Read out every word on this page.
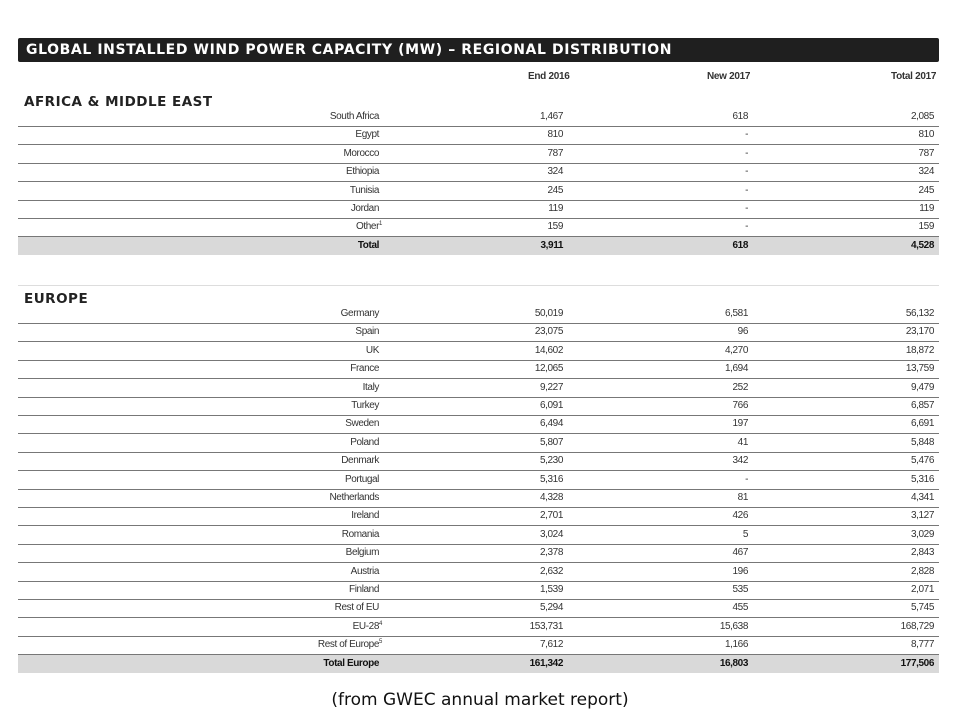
GLOBAL INSTALLED WIND POWER CAPACITY (MW) – REGIONAL DISTRIBUTION
End 2016	New 2017	Total 2017
AFRICA & MIDDLE EAST
South Africa	1,467	618	2,085
Egypt	810	-	810
Morocco	787	-	787
Ethiopia	324	-	324
Tunisia	245	-	245
Jordan	119	-	119
Other 1	159	-	159
Total	3,911	618	4,528
EUROPE
Germany	50,019	6,581	56,132
Spain	23,075	96	23,170
UK	14,602	4,270	18,872
France	12,065	1,694	13,759
Italy	9,227	252	9,479
Turkey	6,091	766	6,857
Sweden	6,494	197	6,691
Poland	5,807	41	5,848
Denmark	5,230	342	5,476
Portugal	5,316	-	5,316
Netherlands	4,328	81	4,341
Ireland	2,701	426	3,127
Romania	3,024	5	3,029
Belgium	2,378	467	2,843
Austria	2,632	196	2,828
Finland	1,539	535	2,071
Rest of EU	5,294	455	5,745
EU-28 4	153,731	15,638	168,729
Rest of Europe 5	7,612	1,166	8,777
Total Europe	161,342	16,803	177,506
(from GWEC annual market report)
